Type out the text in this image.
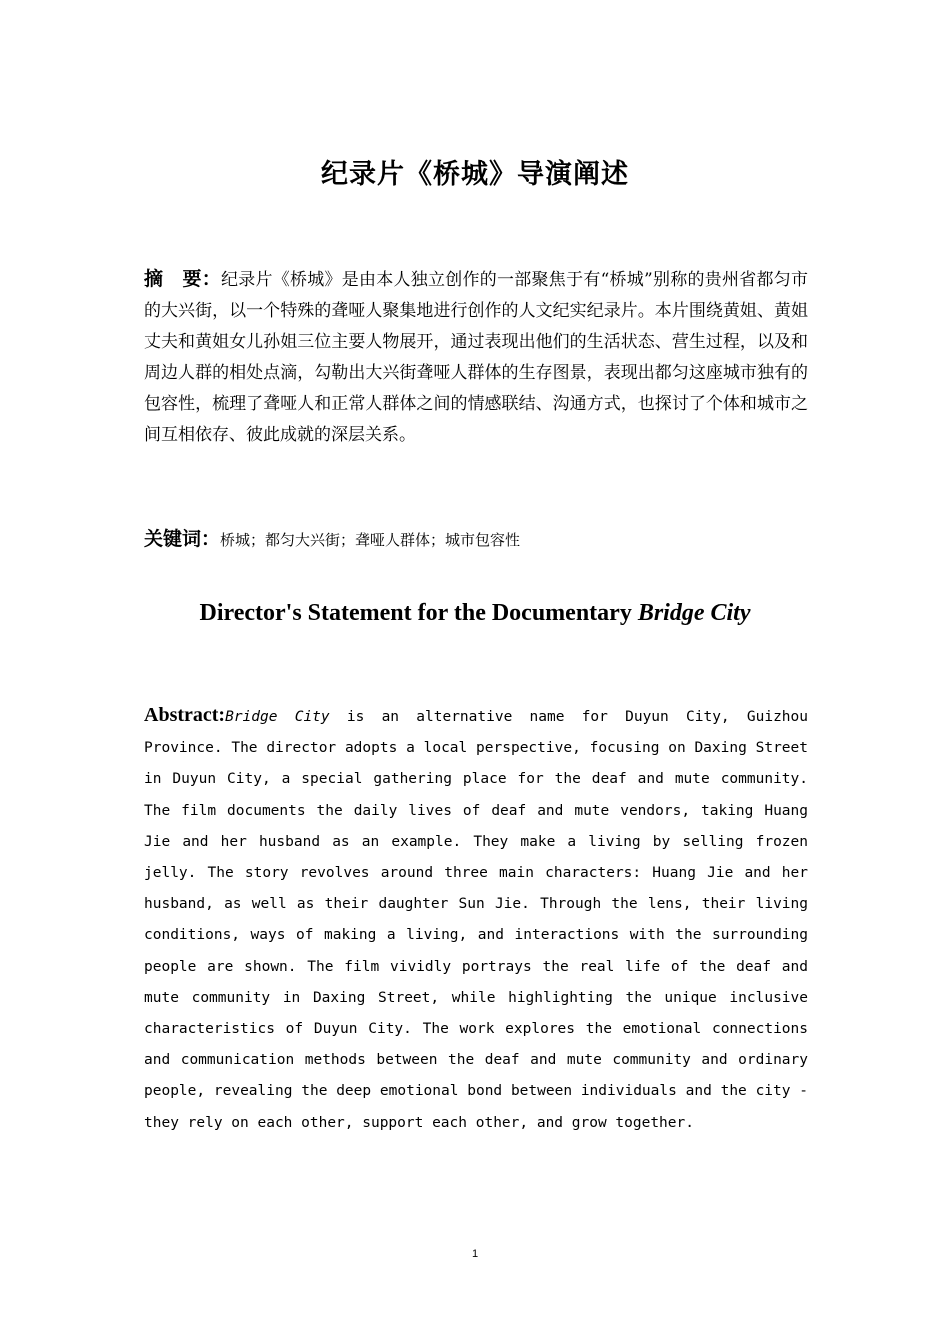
纪录片《桥城》导演阐述
摘　要：纪录片《桥城》是由本人独立创作的一部聚焦于有“桥城”别称的贵州省都匀市的大兴街，以一个特殊的聋哑人聚集地进行创作的人文纪实纪录片。本片围绕黄姐、黄姐丈夫和黄姐女儿孙姐三位主要人物展开，通过表现出他们的生活状态、营生过程，以及和周边人群的相处点滴，勾勒出大兴街聋哑人群体的生存图景，表现出都匀这座城市独有的包容性，梳理了聋哑人和正常人群体之间的情感联结、沟通方式，也探讨了个体和城市之间互相依存、彼此成就的深层关系。
关键词：桥城；都匀大兴街；聋哑人群体；城市包容性
Director's Statement for the Documentary Bridge City
Abstract:Bridge City is an alternative name for Duyun City, Guizhou Province. The director adopts a local perspective, focusing on Daxing Street in Duyun City, a special gathering place for the deaf and mute community. The film documents the daily lives of deaf and mute vendors, taking Huang Jie and her husband as an example. They make a living by selling frozen jelly. The story revolves around three main characters: Huang Jie and her husband, as well as their daughter Sun Jie. Through the lens, their living conditions, ways of making a living, and interactions with the surrounding people are shown. The film vividly portrays the real life of the deaf and mute community in Daxing Street, while highlighting the unique inclusive characteristics of Duyun City. The work explores the emotional connections and communication methods between the deaf and mute community and ordinary people, revealing the deep emotional bond between individuals and the city - they rely on each other, support each other, and grow together.
1
